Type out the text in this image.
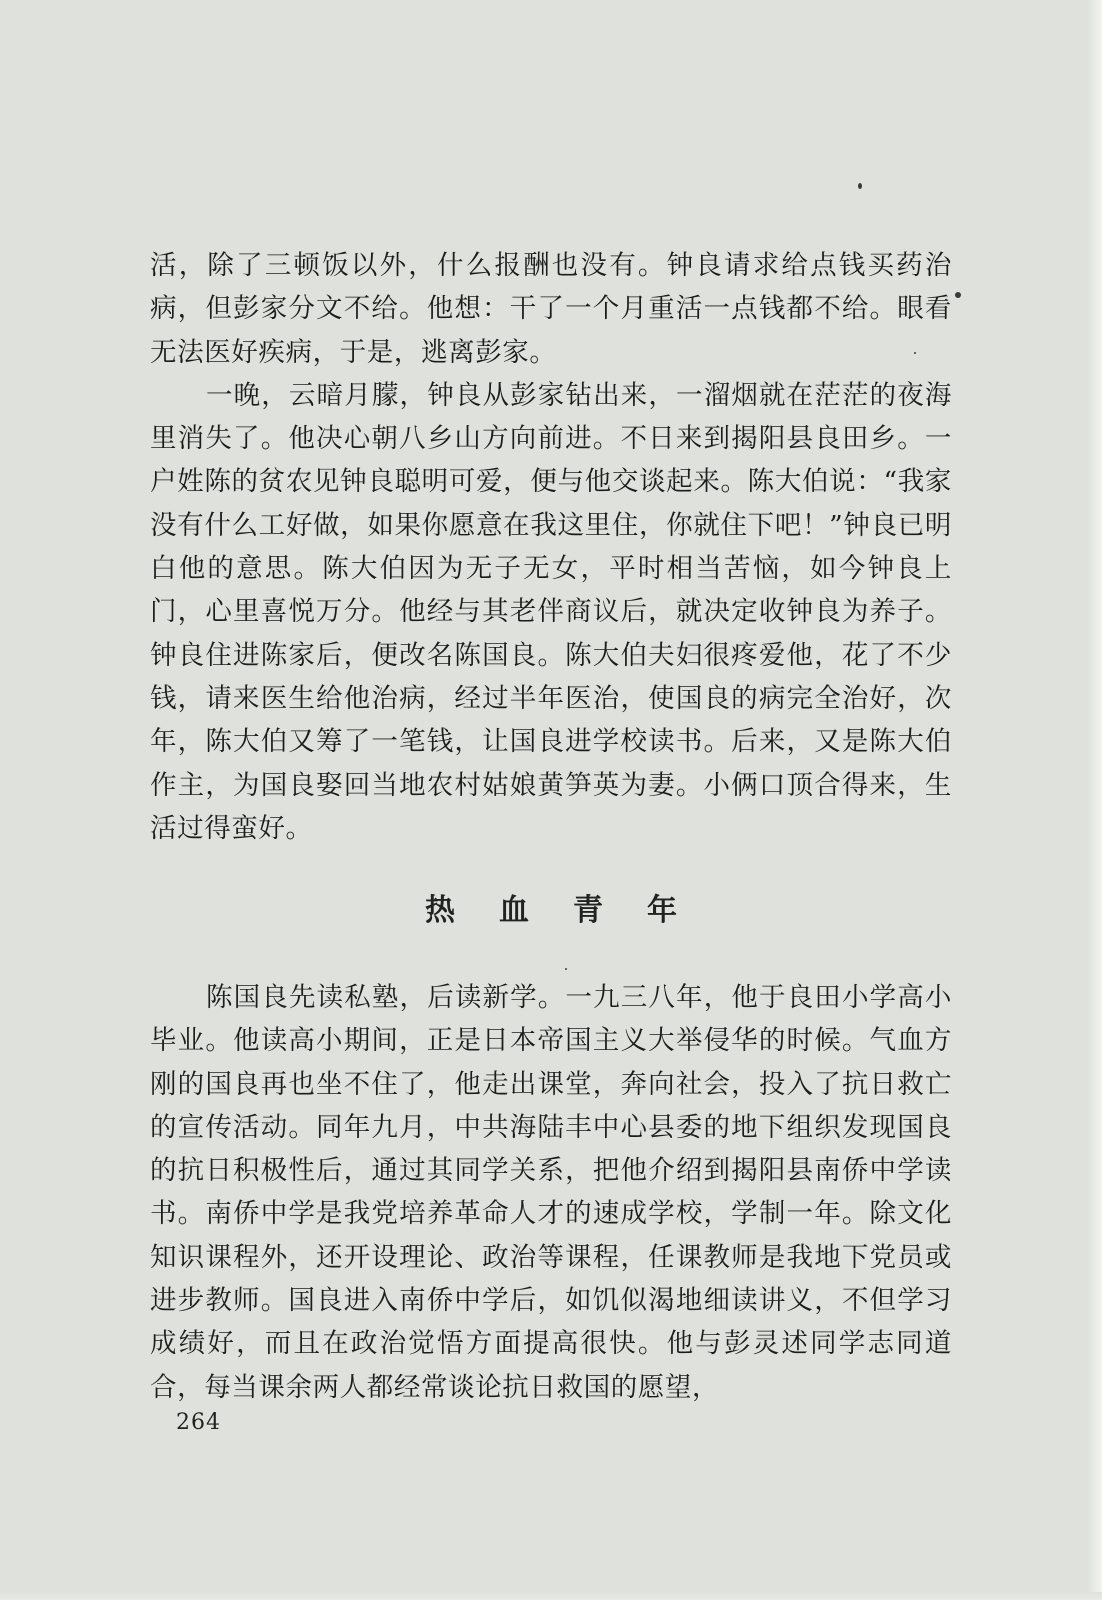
活，除了三顿饭以外，什么报酬也没有。钟良请求给点钱买药治病，但彭家分文不给。他想：干了一个月重活一点钱都不给。眼看无法医好疾病，于是，逃离彭家。

一晚，云暗月朦，钟良从彭家钻出来，一溜烟就在茫茫的夜海里消失了。他决心朝八乡山方向前进。不日来到揭阳县良田乡。一户姓陈的贫农见钟良聪明可爱，便与他交谈起来。陈大伯说：“我家没有什么工好做，如果你愿意在我这里住，你就住下吧！”钟良已明白他的意思。陈大伯因为无子无女，平时相当苦恼，如今钟良上门，心里喜悦万分。他经与其老伴商议后，就决定收钟良为养子。钟良住进陈家后，便改名陈国良。陈大伯夫妇很疼爱他，花了不少钱，请来医生给他治病，经过半年医治，使国良的病完全治好，次年，陈大伯又筹了一笔钱，让国良进学校读书。后来，又是陈大伯作主，为国良娶回当地农村姑娘黄笋英为妻。小俩口顶合得来，生活过得蛮好。

热血青年

陈国良先读私塾，后读新学。一九三八年，他于良田小学高小毕业。他读高小期间，正是日本帝国主义大举侵华的时候。气血方刚的国良再也坐不住了，他走出课堂，奔向社会，投入了抗日救亡的宣传活动。同年九月，中共海陆丰中心县委的地下组织发现国良的抗日积极性后，通过其同学关系，把他介绍到揭阳县南侨中学读书。南侨中学是我党培养革命人才的速成学校，学制一年。除文化知识课程外，还开设理论、政治等课程，任课教师是我地下党员或进步教师。国良进入南侨中学后，如饥似渴地细读讲义，不但学习成绩好，而且在政治觉悟方面提高很快。他与彭灵述同学志同道合，每当课余两人都经常谈论抗日救国的愿望，

264
